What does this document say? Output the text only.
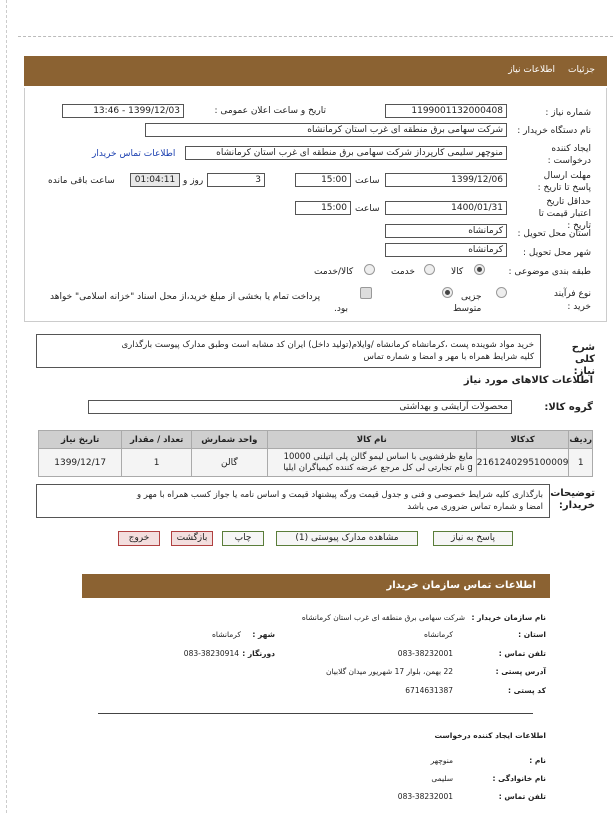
جزئیات
اطلاعات نیاز
شماره نیاز :
1199001132000408
تاریخ و ساعت اعلان عمومی :
1399/12/03 - 13:46
نام دستگاه خریدار :
شرکت سهامی برق منطقه ای غرب استان کرمانشاه
ایجاد کننده درخواست :
منوچهر سلیمی کارپرداز شرکت سهامی برق منطقه ای غرب استان کرمانشاه
اطلاعات تماس خریدار
مهلت ارسال پاسخ تا تاریخ :
1399/12/06
ساعت
15:00
3
روز و
01:04:11
ساعت باقی مانده
حداقل تاریخ اعتبار قیمت تا تاریخ :
1400/01/31
ساعت
15:00
استان محل تحویل :
کرمانشاه
شهر محل تحویل :
کرمانشاه
طبقه بندی موضوعی :
کالا
خدمت
کالا/خدمت
نوع فرآیند خرید :
جزیی
متوسط
پرداخت تمام یا بخشی از مبلغ خرید،از محل اسناد "خزانه اسلامی" خواهد
بود.
شرح کلی نیاز:
خرید مواد شوینده پست ،کرمانشاه کرمانشاه /وایلام(تولید داخل) ایران کد مشابه است وطبق مدارک پیوست بارگذاری
کلیه شرایط همراه با مهر و امضا و شماره تماس
اطلاعات کالاهای مورد نیاز
گروه کالا:
محصولات آرایشی و بهداشتی
ردیف	کدکالا	نام کالا	واحد شمارش	تعداد / مقدار	تاریخ نیاز
1	2161240295100009	مایع ظرفشویی با اساس لیمو گالن پلی اتیلنی 10000
g نام تجارتی لی کل مرجع عرضه کننده کیمیاگران ایلیا	گالن	1	1399/12/17
توضیحات خریدار:
بارگذاری کلیه شرایط خصوصی و فنی و جدول قیمت ورگه پیشنهاد قیمت و اساس نامه یا جواز کسب همراه با مهر و
امضا و شماره تماس ضروری می باشد
پاسخ به نیاز
مشاهده مدارک پیوستی (1)
چاپ
بازگشت
خروج
اطلاعات تماس سازمان خریدار
نام سازمان خریدار :
شرکت سهامی برق منطقه ای غرب استان کرمانشاه
استان :
کرمانشاه
شهر :
کرمانشاه
تلفن تماس :
083-38232001
دورنگار :
083-38230914
آدرس پستی :
22 بهمن، بلوار 17 شهریور میدان گلابیان
کد پستی :
6714631387
اطلاعات ایجاد کننده درخواست
نام :
منوچهر
نام خانوادگی :
سلیمی
تلفن تماس :
083-38232001
